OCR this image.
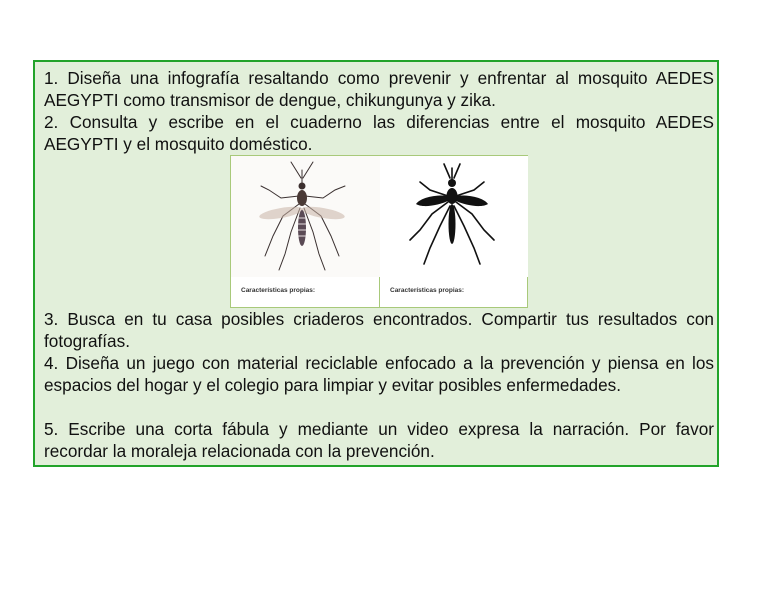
1. Diseña una infografía resaltando como prevenir y enfrentar al mosquito AEDES AEGYPTI como transmisor de dengue, chikungunya y zika.

2. Consulta y escribe en el cuaderno las diferencias entre el mosquito AEDES AEGYPTI y el mosquito doméstico.

Características propias:	Características propias:

3. Busca en tu casa posibles criaderos encontrados. Compartir tus resultados con fotografías.

4. Diseña un juego con material reciclable enfocado a la prevención y piensa en los espacios del hogar y el colegio para limpiar y evitar posibles enfermedades.

5. Escribe una corta fábula y mediante un video expresa la narración. Por favor recordar la moraleja relacionada con la prevención.
